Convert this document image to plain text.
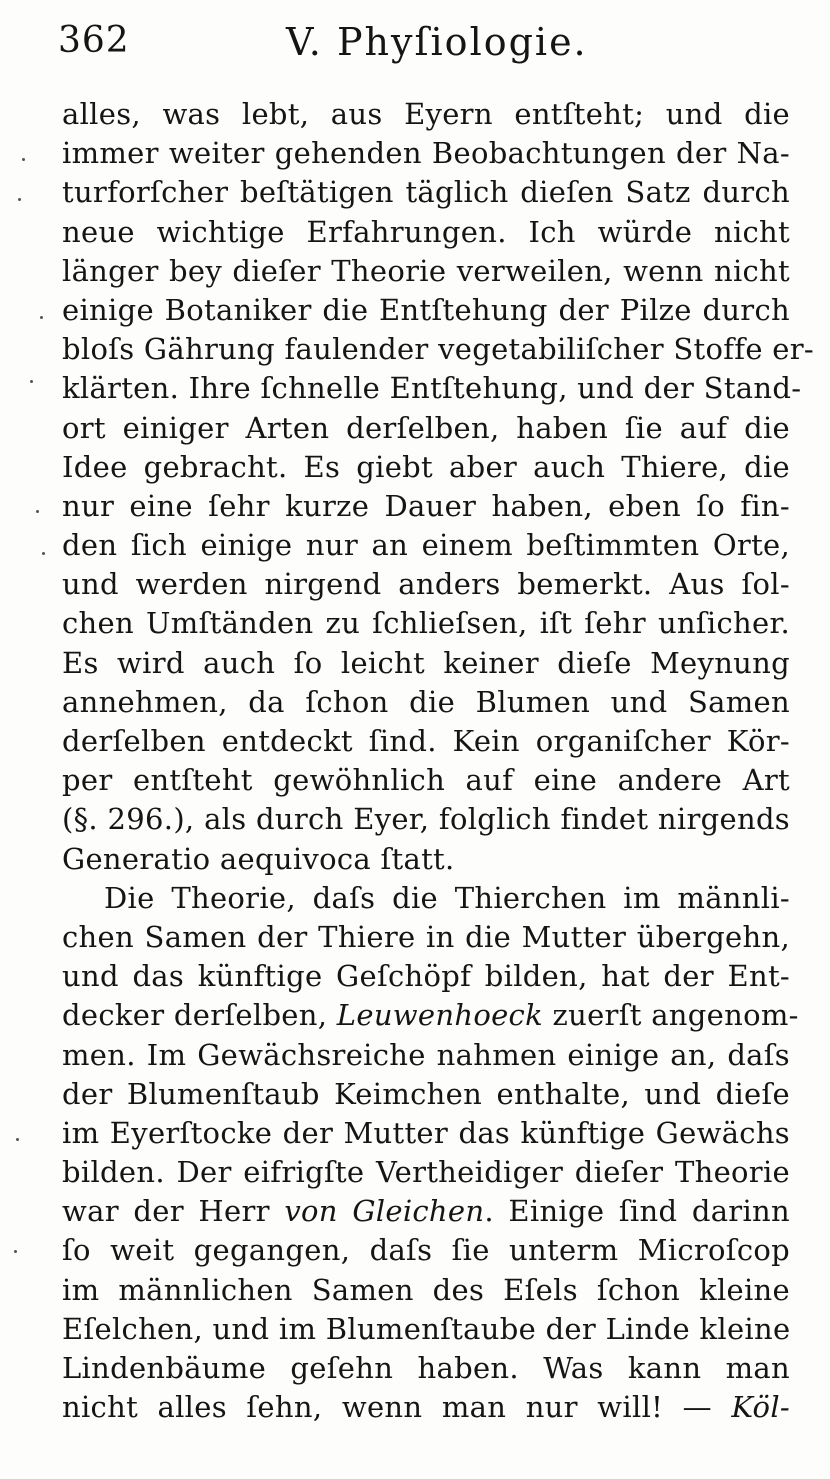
362	V. Phyſiologie.
alles, was lebt, aus Eyern entſteht; und die
immer weiter gehenden Beobachtungen der Na-
turforſcher beſtätigen täglich dieſen Satz durch
neue wichtige Erfahrungen. Ich würde nicht
länger bey dieſer Theorie verweilen, wenn nicht
einige Botaniker die Entſtehung der Pilze durch
bloſs Gährung faulender vegetabiliſcher Stoffe er-
klärten. Ihre ſchnelle Entſtehung, und der Stand-
ort einiger Arten derſelben, haben ſie auf die
Idee gebracht. Es giebt aber auch Thiere, die
nur eine ſehr kurze Dauer haben, eben ſo fin-
den ſich einige nur an einem beſtimmten Orte,
und werden nirgend anders bemerkt. Aus ſol-
chen Umſtänden zu ſchlieſsen, iſt ſehr unſicher.
Es wird auch ſo leicht keiner dieſe Meynung
annehmen, da ſchon die Blumen und Samen
derſelben entdeckt ſind. Kein organiſcher Kör-
per entſteht gewöhnlich auf eine andere Art
(§. 296.), als durch Eyer, folglich findet nirgends
Generatio aequivoca ſtatt.
Die Theorie, daſs die Thierchen im männli-
chen Samen der Thiere in die Mutter übergehn,
und das künftige Geſchöpf bilden, hat der Ent-
decker derſelben, Leuwenhoeck zuerſt angenom-
men. Im Gewächsreiche nahmen einige an, daſs
der Blumenſtaub Keimchen enthalte, und dieſe
im Eyerſtocke der Mutter das künftige Gewächs
bilden. Der eifrigſte Vertheidiger dieſer Theorie
war der Herr von Gleichen. Einige ſind darinn
ſo weit gegangen, daſs ſie unterm Microſcop
im männlichen Samen des Eſels ſchon kleine
Eſelchen, und im Blumenſtaube der Linde kleine
Lindenbäume geſehn haben. Was kann man
nicht alles ſehn, wenn man nur will! — Köl-
